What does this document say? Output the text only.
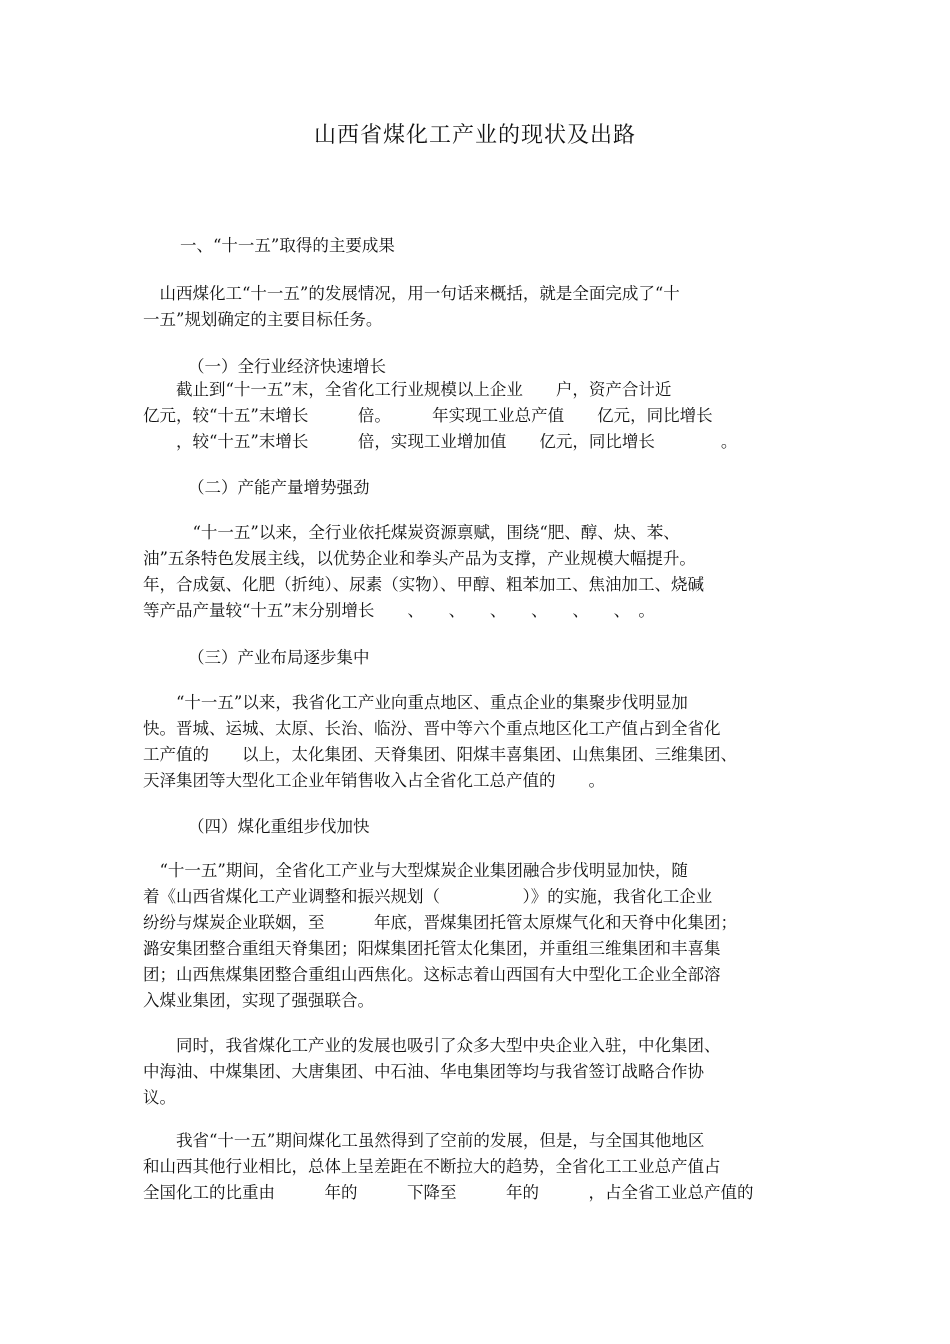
山西省煤化工产业的现状及出路
一、“十一五”取得的主要成果
　山西煤化工“十一五”的发展情况，用一句话来概括，就是全面完成了“十
一五”规划确定的主要目标任务。
（一）全行业经济快速增长
　　截止到“十一五”末，全省化工行业规模以上企业　　户，资产合计近
亿元，较“十五”末增长　　　倍。　　　年实现工业总产值　　亿元，同比增长
　　，较“十五”末增长　　　倍，实现工业增加值　　亿元，同比增长　　　　。
（二）产能产量增势强劲
　　　“十一五”以来，全行业依托煤炭资源禀赋，围绕“肥、醇、炔、苯、
油”五条特色发展主线，以优势企业和拳头产品为支撑，产业规模大幅提升。
年，合成氨、化肥（折纯）、尿素（实物）、甲醇、粗苯加工、焦油加工、烧碱
等产品产量较“十五”末分别增长　　、　　、　　、　　、　　、　　、　。
（三）产业布局逐步集中
　　“十一五”以来，我省化工产业向重点地区、重点企业的集聚步伐明显加
快。晋城、运城、太原、长治、临汾、晋中等六个重点地区化工产值占到全省化
工产值的　　以上，太化集团、天脊集团、阳煤丰喜集团、山焦集团、三维集团、
天泽集团等大型化工企业年销售收入占全省化工总产值的　　。
（四）煤化重组步伐加快
　“十一五”期间，全省化工产业与大型煤炭企业集团融合步伐明显加快，随
着《山西省煤化工产业调整和振兴规划（　　　　　）》的实施，我省化工企业
纷纷与煤炭企业联姻，至　　　年底，晋煤集团托管太原煤气化和天脊中化集团；
潞安集团整合重组天脊集团；阳煤集团托管太化集团，并重组三维集团和丰喜集
团；山西焦煤集团整合重组山西焦化。这标志着山西国有大中型化工企业全部溶
入煤业集团，实现了强强联合。
　　同时，我省煤化工产业的发展也吸引了众多大型中央企业入驻，中化集团、
中海油、中煤集团、大唐集团、中石油、华电集团等均与我省签订战略合作协
议。
　　我省“十一五”期间煤化工虽然得到了空前的发展，但是，与全国其他地区
和山西其他行业相比，总体上呈差距在不断拉大的趋势，全省化工工业总产值占
全国化工的比重由　　　年的　　　下降至　　　年的　　　，占全省工业总产值的
